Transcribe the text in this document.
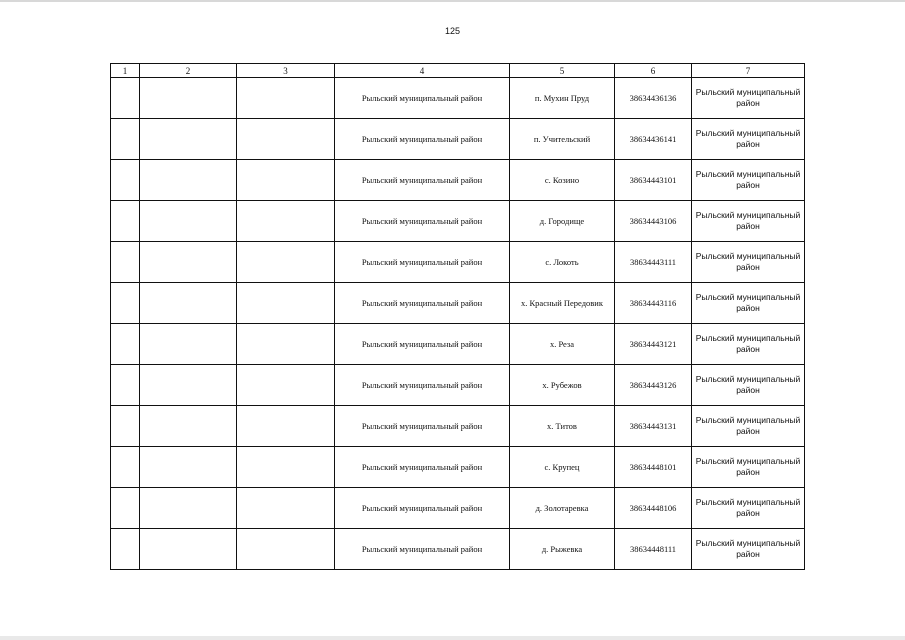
125
1	2	3	4	5	6	7
			Рыльский муниципальный район	п. Мухин Пруд	38634436136	Рыльский муниципальный район
			Рыльский муниципальный район	п. Учительский	38634436141	Рыльский муниципальный район
			Рыльский муниципальный район	с. Козино	38634443101	Рыльский муниципальный район
			Рыльский муниципальный район	д. Городище	38634443106	Рыльский муниципальный район
			Рыльский муниципальный район	с. Локоть	38634443111	Рыльский муниципальный район
			Рыльский муниципальный район	х. Красный Передовик	38634443116	Рыльский муниципальный район
			Рыльский муниципальный район	х. Реза	38634443121	Рыльский муниципальный район
			Рыльский муниципальный район	х. Рубежов	38634443126	Рыльский муниципальный район
			Рыльский муниципальный район	х. Титов	38634443131	Рыльский муниципальный район
			Рыльский муниципальный район	с. Крупец	38634448101	Рыльский муниципальный район
			Рыльский муниципальный район	д. Золотаревка	38634448106	Рыльский муниципальный район
			Рыльский муниципальный район	д. Рыжевка	38634448111	Рыльский муниципальный район
